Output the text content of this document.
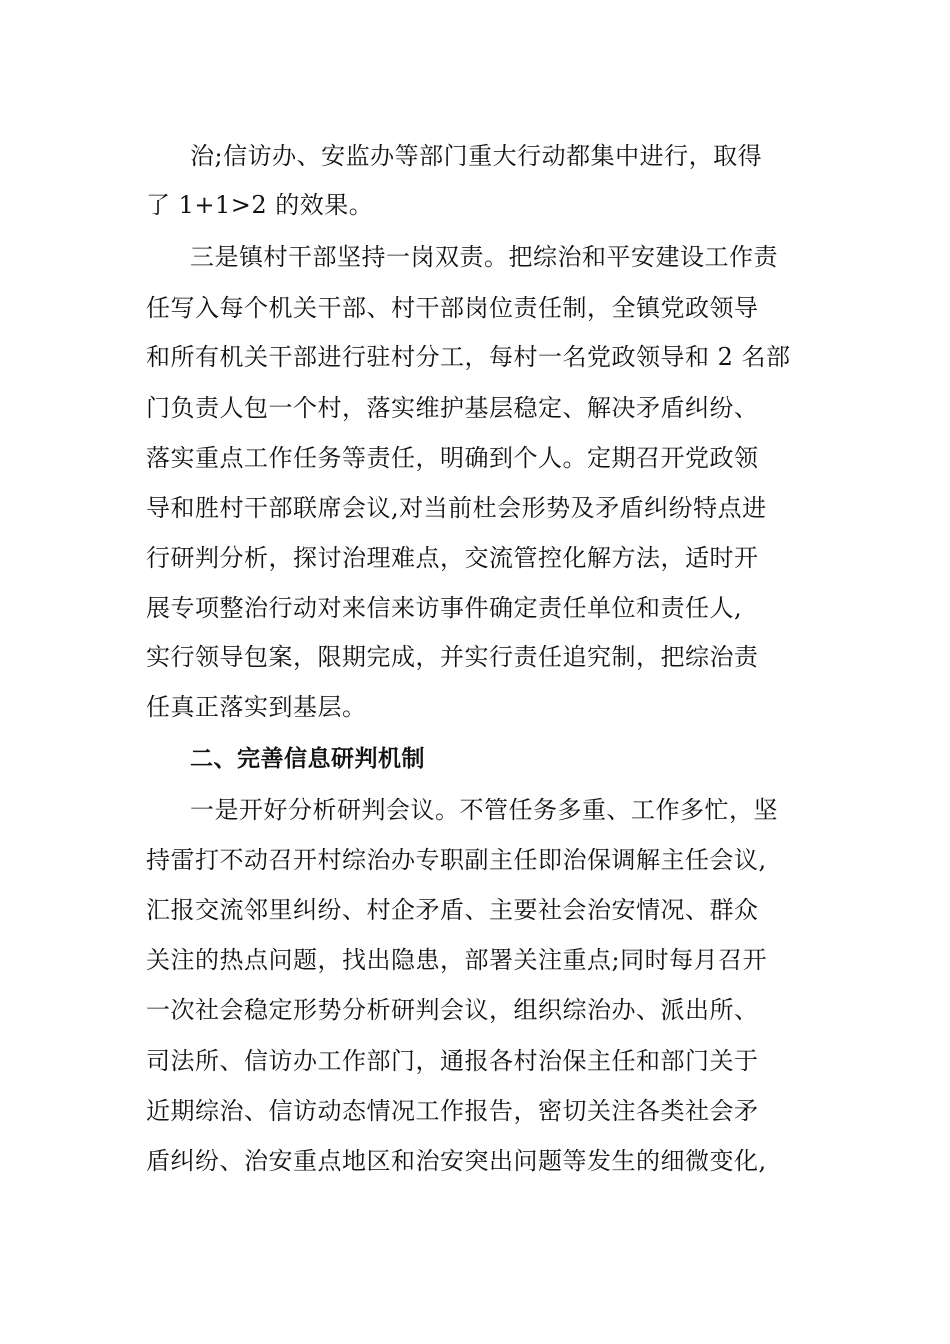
治;信访办、安监办等部门重大行动都集中进行，取得
了 1+1>2 的效果。
三是镇村干部坚持一岗双责。把综治和平安建设工作责
任写入每个机关干部、村干部岗位责任制，全镇党政领导
和所有机关干部进行驻村分工，每村一名党政领导和 2 名部
门负责人包一个村，落实维护基层稳定、解决矛盾纠纷、
落实重点工作任务等责任，明确到个人。定期召开党政领
导和胜村干部联席会议,对当前杜会形势及矛盾纠纷特点进
行研判分析，探讨治理难点，交流管控化解方法，适时开
展专项整治行动对来信来访事件确定责任单位和责任人,
实行领导包案，限期完成，并实行责任追究制，把综治责
任真正落实到基层。
二、完善信息研判机制
一是开好分析研判会议。不管任务多重、工作多忙，坚
持雷打不动召开村综治办专职副主任即治保调解主任会议,
汇报交流邻里纠纷、村企矛盾、主要社会治安情况、群众
关注的热点问题，找出隐患，部署关注重点;同时每月召开
一次社会稳定形势分析研判会议，组织综治办、派出所、
司法所、信访办工作部门，通报各村治保主任和部门关于
近期综治、信访动态情况工作报告，密切关注各类社会矛
盾纠纷、治安重点地区和治安突出问题等发生的细微变化,
